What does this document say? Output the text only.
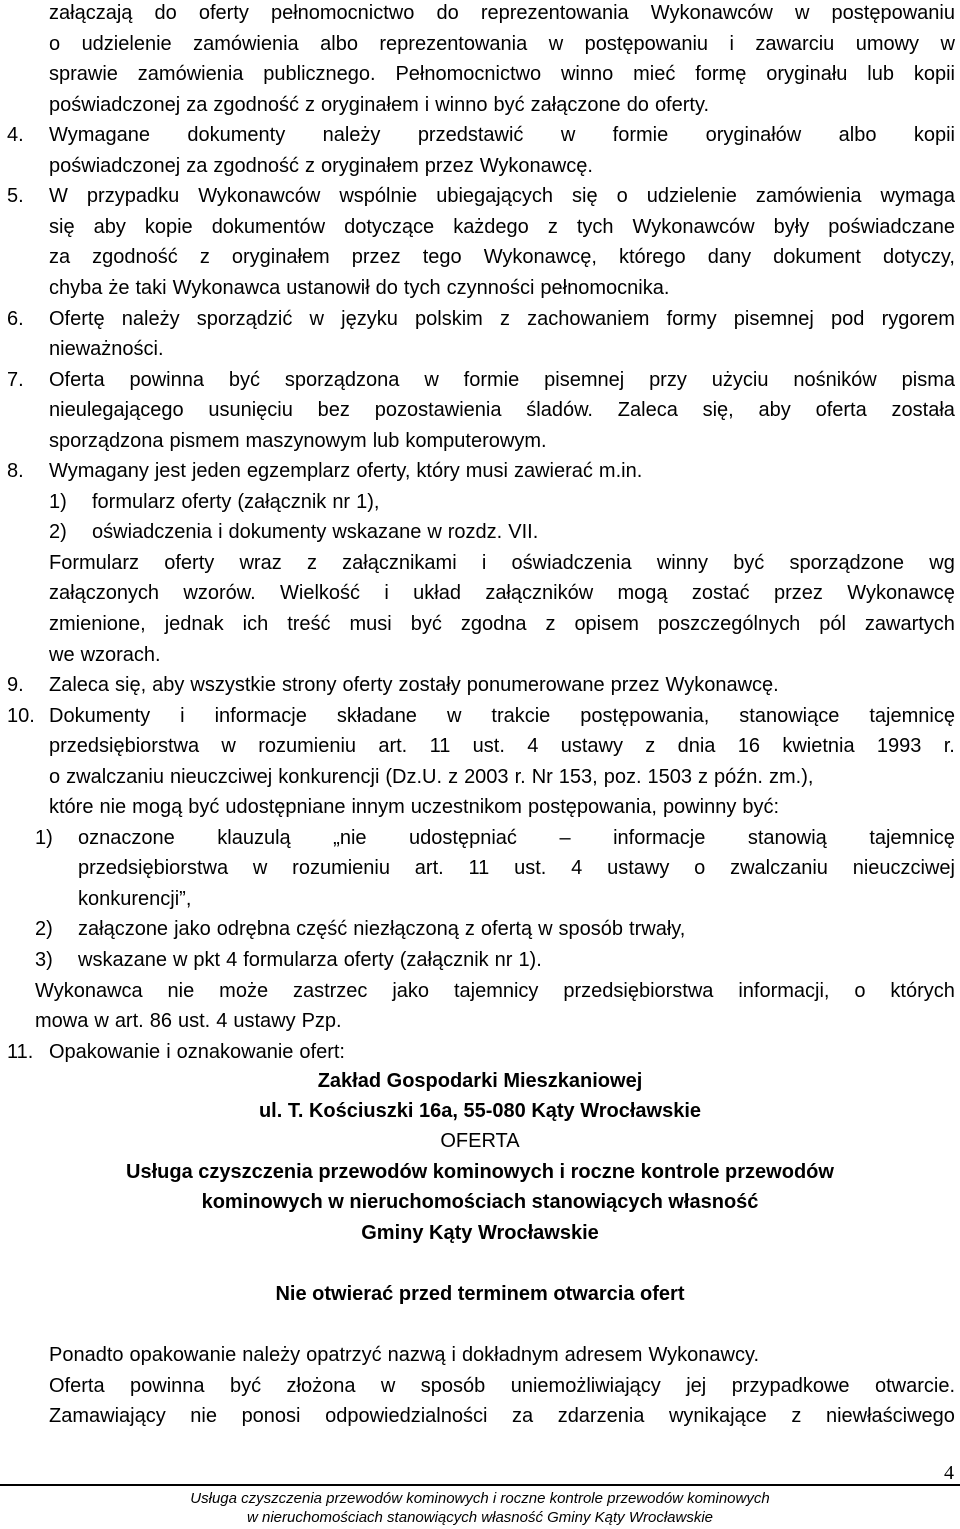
załączają do oferty pełnomocnictwo do reprezentowania Wykonawców w postępowaniu
o udzielenie zamówienia albo reprezentowania w postępowaniu i zawarciu umowy w
sprawie zamówienia publicznego. Pełnomocnictwo winno mieć formę oryginału lub kopii
poświadczonej za zgodność z oryginałem i winno być załączone do oferty.
4. Wymagane dokumenty należy przedstawić w formie oryginałów albo kopii
poświadczonej za zgodność z oryginałem przez Wykonawcę.
5. W przypadku Wykonawców wspólnie ubiegających się o udzielenie zamówienia wymaga
się aby kopie dokumentów dotyczące każdego z tych Wykonawców były poświadczane
za zgodność z oryginałem przez tego Wykonawcę, którego dany dokument dotyczy,
chyba że taki Wykonawca ustanowił do tych czynności pełnomocnika.
6. Ofertę należy sporządzić w języku polskim z zachowaniem formy pisemnej pod rygorem
nieważności.
7. Oferta powinna być sporządzona w formie pisemnej przy użyciu nośników pisma
nieulegającego usunięciu bez pozostawienia śladów. Zaleca się, aby oferta została
sporządzona pismem maszynowym lub komputerowym.
8. Wymagany jest jeden egzemplarz oferty, który musi zawierać m.in.
1) formularz oferty (załącznik nr 1),
2) oświadczenia i dokumenty wskazane w rozdz. VII.
Formularz oferty wraz z załącznikami i oświadczenia winny być sporządzone wg
załączonych wzorów. Wielkość i układ załączników mogą zostać przez Wykonawcę
zmienione, jednak ich treść musi być zgodna z opisem poszczególnych pól zawartych
we wzorach.
9. Zaleca się, aby wszystkie strony oferty zostały ponumerowane przez Wykonawcę.
10. Dokumenty i informacje składane w trakcie postępowania, stanowiące tajemnicę
przedsiębiorstwa w rozumieniu art. 11 ust. 4 ustawy z dnia 16 kwietnia 1993 r.
o zwalczaniu nieuczciwej konkurencji (Dz.U. z 2003 r. Nr 153, poz. 1503 z późn. zm.),
które nie mogą być udostępniane innym uczestnikom postępowania, powinny być:
1) oznaczone klauzulą „nie udostępniać – informacje stanowią tajemnicę
przedsiębiorstwa w rozumieniu art. 11 ust. 4 ustawy o zwalczaniu nieuczciwej
konkurencji”,
2) załączone jako odrębna część niezłączoną z ofertą w sposób trwały,
3) wskazane w pkt 4 formularza oferty (załącznik nr 1).
Wykonawca nie może zastrzec jako tajemnicy przedsiębiorstwa informacji, o których
mowa w art. 86 ust. 4 ustawy Pzp.
11. Opakowanie i oznakowanie ofert:
Zakład Gospodarki Mieszkaniowej
ul. T. Kościuszki 16a, 55-080 Kąty Wrocławskie
OFERTA
Usługa czyszczenia przewodów kominowych i roczne kontrole przewodów
kominowych w nieruchomościach stanowiących własność
Gminy Kąty Wrocławskie
Nie otwierać przed terminem otwarcia ofert
Ponadto opakowanie należy opatrzyć nazwą i dokładnym adresem Wykonawcy.
Oferta powinna być złożona w sposób uniemożliwiający jej przypadkowe otwarcie.
Zamawiający nie ponosi odpowiedzialności za zdarzenia wynikające z niewłaściwego
4
Usługa czyszczenia przewodów kominowych i roczne kontrole przewodów kominowych
w nieruchomościach stanowiących własność Gminy Kąty Wrocławskie
